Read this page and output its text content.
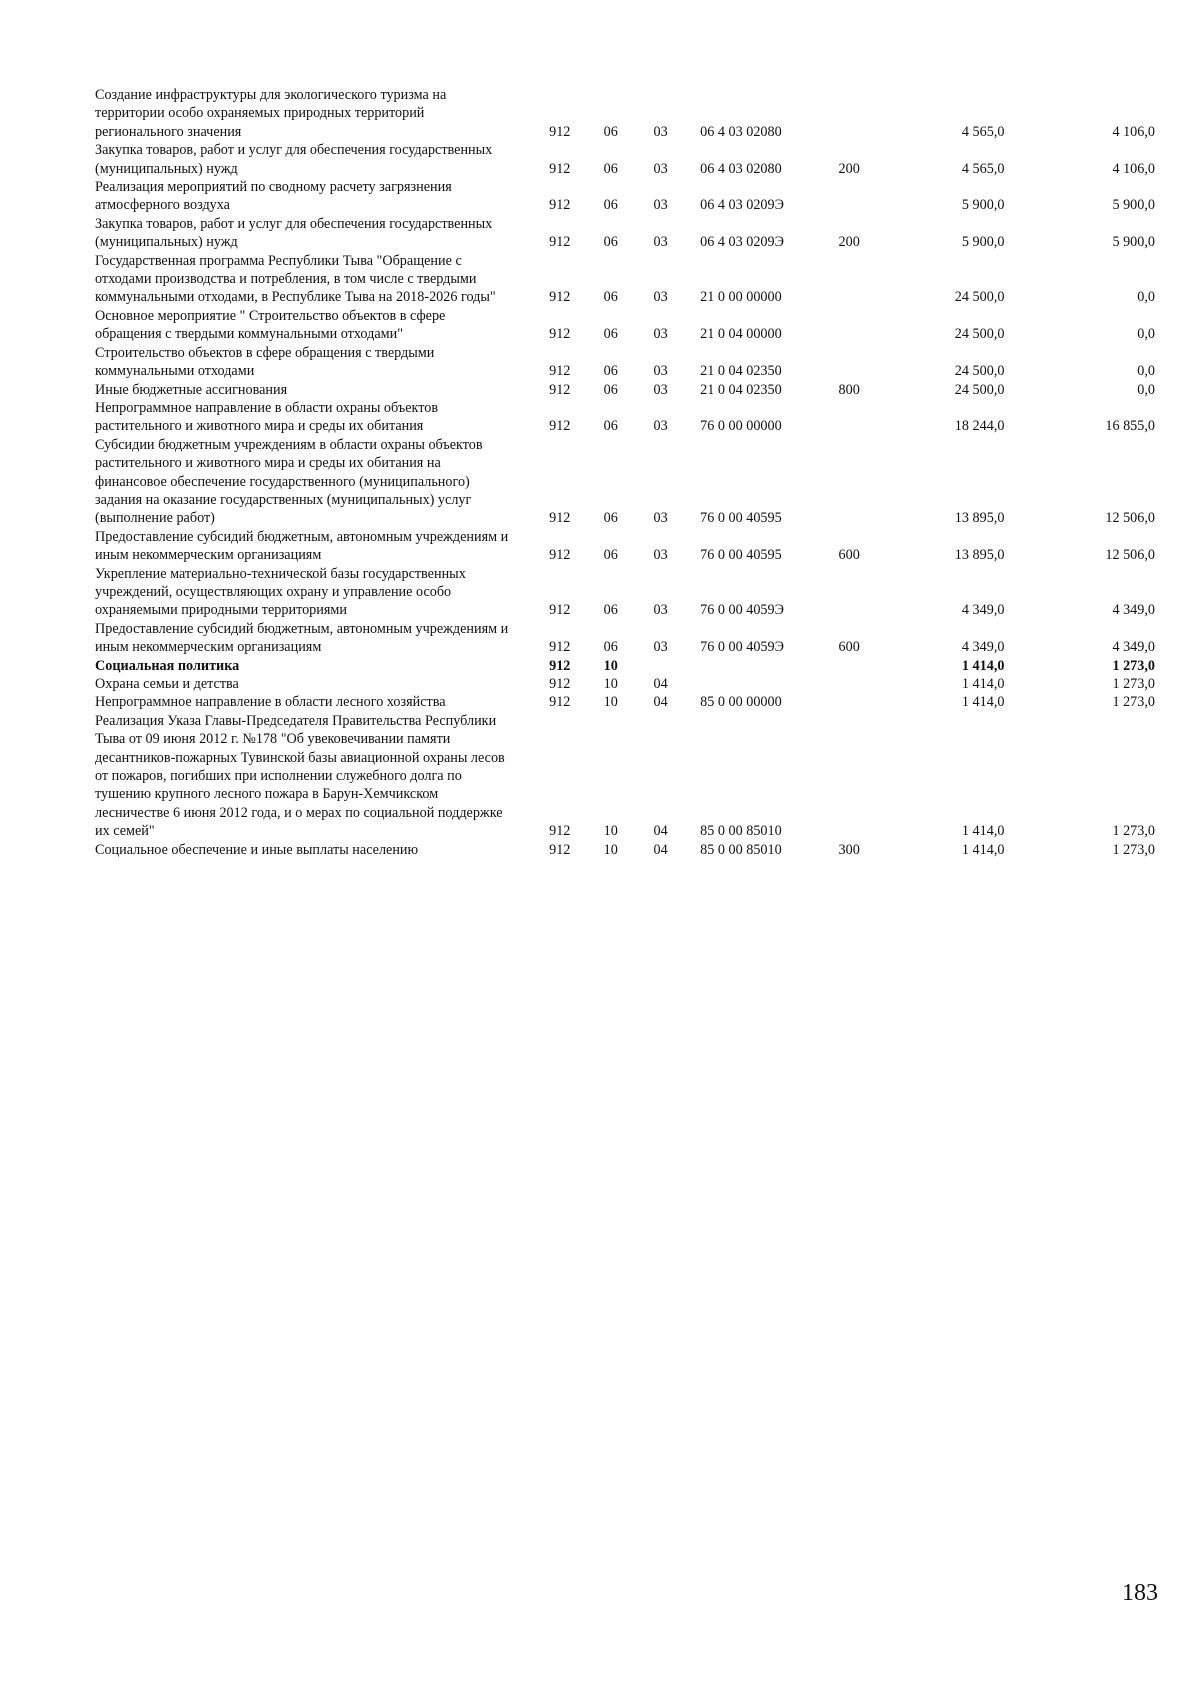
Создание инфраструктуры для экологического туризма на территории особо охраняемых природных территорий регионального значения	912	06	03	06 4 03 02080		4 565,0	4 106,0
Закупка товаров, работ и услуг для обеспечения государственных (муниципальных) нужд	912	06	03	06 4 03 02080	200	4 565,0	4 106,0
Реализация мероприятий по сводному расчету загрязнения атмосферного воздуха	912	06	03	06 4 03 0209Э		5 900,0	5 900,0
Закупка товаров, работ и услуг для обеспечения государственных (муниципальных) нужд	912	06	03	06 4 03 0209Э	200	5 900,0	5 900,0
Государственная программа Республики Тыва "Обращение с отходами производства и потребления, в том числе с твердыми коммунальными отходами, в Республике Тыва на 2018-2026 годы"	912	06	03	21 0 00 00000		24 500,0	0,0
Основное мероприятие " Строительство объектов в сфере обращения с твердыми коммунальными отходами"	912	06	03	21 0 04 00000		24 500,0	0,0
Строительство объектов в сфере обращения с твердыми коммунальными отходами	912	06	03	21 0 04 02350		24 500,0	0,0
Иные бюджетные ассигнования	912	06	03	21 0 04 02350	800	24 500,0	0,0
Непрограммное направление в области охраны объектов растительного и животного мира и среды их обитания	912	06	03	76 0 00 00000		18 244,0	16 855,0
Субсидии бюджетным учреждениям в области охраны объектов растительного и животного мира и среды их обитания на финансовое обеспечение государственного (муниципального) задания на оказание государственных (муниципальных) услуг (выполнение работ)	912	06	03	76 0 00 40595		13 895,0	12 506,0
Предоставление субсидий бюджетным, автономным учреждениям и иным некоммерческим организациям	912	06	03	76 0 00 40595	600	13 895,0	12 506,0
Укрепление материально-технической базы государственных учреждений, осуществляющих охрану и управление особо охраняемыми природными территориями	912	06	03	76 0 00 4059Э		4 349,0	4 349,0
Предоставление субсидий бюджетным, автономным учреждениям и иным некоммерческим организациям	912	06	03	76 0 00 4059Э	600	4 349,0	4 349,0
Социальная политика	912	10				1 414,0	1 273,0
Охрана семьи и детства	912	10	04			1 414,0	1 273,0
Непрограммное направление в области лесного хозяйства	912	10	04	85 0 00 00000		1 414,0	1 273,0
Реализация Указа Главы-Председателя Правительства Республики Тыва от 09 июня 2012 г. №178 "Об увековечивании памяти десантников-пожарных Тувинской базы авиационной охраны лесов от пожаров, погибших при исполнении служебного долга по тушению крупного лесного пожара в Барун-Хемчикском лесничестве 6 июня 2012 года, и о мерах по социальной поддержке их семей"	912	10	04	85 0 00 85010		1 414,0	1 273,0
Социальное обеспечение и иные выплаты населению	912	10	04	85 0 00 85010	300	1 414,0	1 273,0
183
